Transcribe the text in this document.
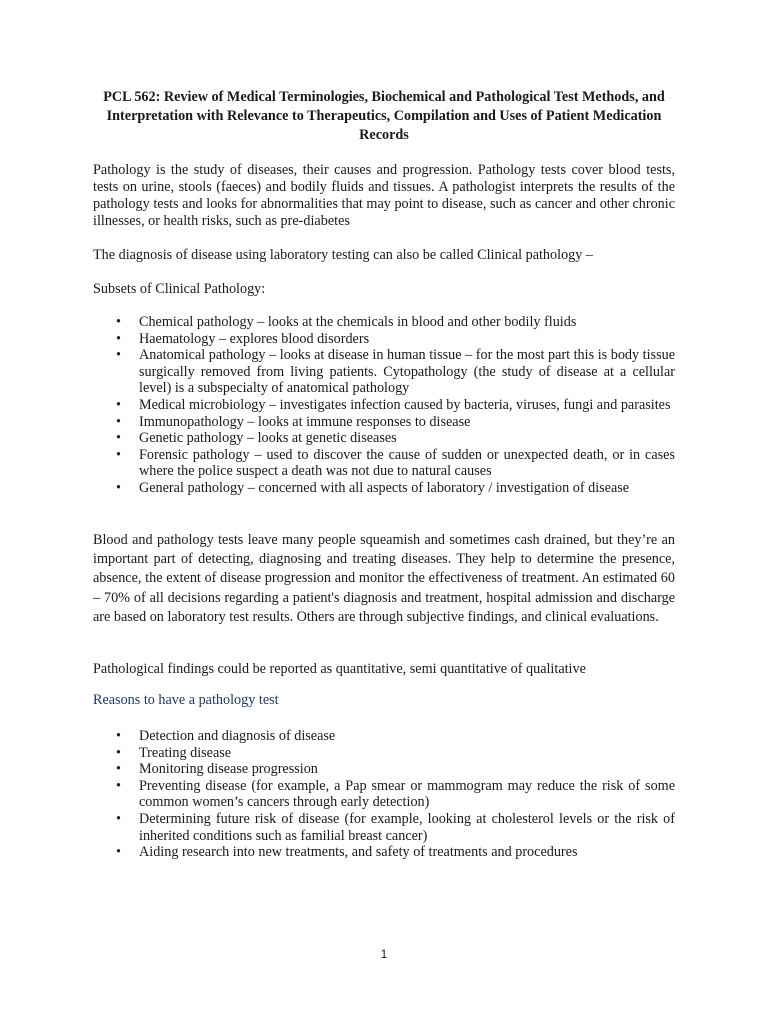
PCL 562: Review of Medical Terminologies, Biochemical and Pathological Test Methods, and Interpretation with Relevance to Therapeutics, Compilation and Uses of Patient Medication Records

Pathology is the study of diseases, their causes and progression. Pathology tests cover blood tests, tests on urine, stools (faeces) and bodily fluids and tissues. A pathologist interprets the results of the pathology tests and looks for abnormalities that may point to disease, such as cancer and other chronic illnesses, or health risks, such as pre-diabetes

The diagnosis of disease using laboratory testing can also be called Clinical pathology –

Subsets of Clinical Pathology:

• Chemical pathology – looks at the chemicals in blood and other bodily fluids
• Haematology – explores blood disorders
• Anatomical pathology – looks at disease in human tissue – for the most part this is body tissue surgically removed from living patients. Cytopathology (the study of disease at a cellular level) is a subspecialty of anatomical pathology
• Medical microbiology – investigates infection caused by bacteria, viruses, fungi and parasites
• Immunopathology – looks at immune responses to disease
• Genetic pathology – looks at genetic diseases
• Forensic pathology – used to discover the cause of sudden or unexpected death, or in cases where the police suspect a death was not due to natural causes
• General pathology – concerned with all aspects of laboratory / investigation of disease

Blood and pathology tests leave many people squeamish and sometimes cash drained, but they’re an important part of detecting, diagnosing and treating diseases. They help to determine the presence, absence, the extent of disease progression and monitor the effectiveness of treatment. An estimated 60 – 70% of all decisions regarding a patient's diagnosis and treatment, hospital admission and discharge are based on laboratory test results. Others are through subjective findings, and clinical evaluations.

Pathological findings could be reported as quantitative, semi quantitative of qualitative

Reasons to have a pathology test

• Detection and diagnosis of disease
• Treating disease
• Monitoring disease progression
• Preventing disease (for example, a Pap smear or mammogram may reduce the risk of some common women’s cancers through early detection)
• Determining future risk of disease (for example, looking at cholesterol levels or the risk of inherited conditions such as familial breast cancer)
• Aiding research into new treatments, and safety of treatments and procedures
1
